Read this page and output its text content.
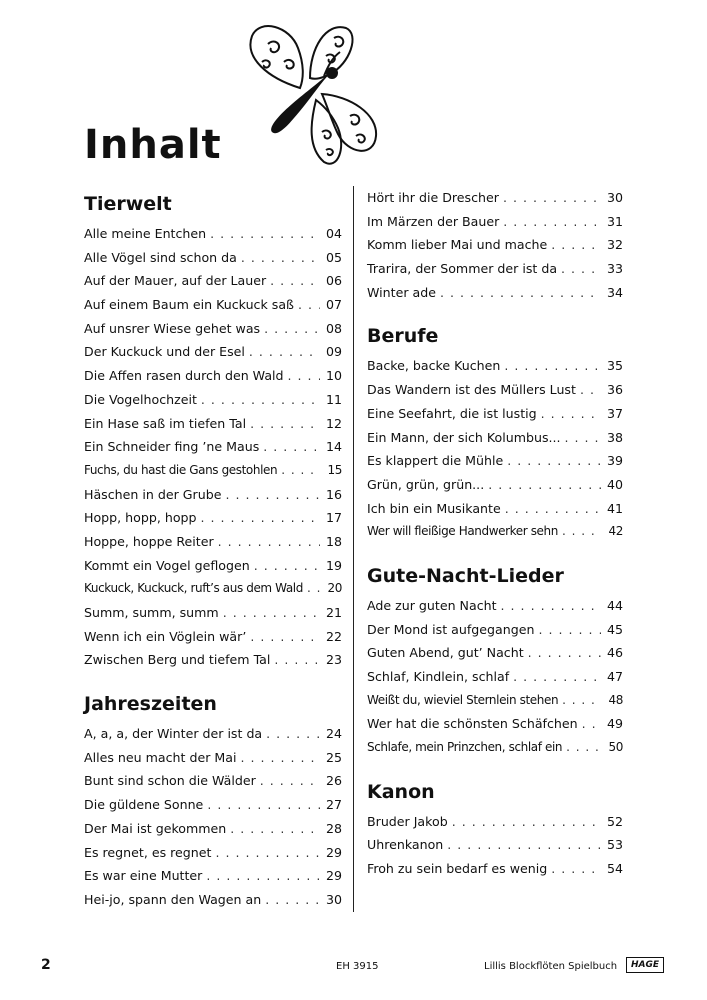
Inhalt
Tierwelt
Alle meine Entchen . . .	04
Alle Vögel sind schon da . . .	05
Auf der Mauer, auf der Lauer . . .	06
Auf einem Baum ein Kuckuck saß . . .	07
Auf unsrer Wiese gehet was . . .	08
Der Kuckuck und der Esel . . .	09
Die Affen rasen durch den Wald . . .	10
Die Vogelhochzeit . . .	11
Ein Hase saß im tiefen Tal . . .	12
Ein Schneider fing ’ne Maus . . .	14
Fuchs, du hast die Gans gestohlen . . .	15
Häschen in der Grube . . .	16
Hopp, hopp, hopp . . .	17
Hoppe, hoppe Reiter . . .	18
Kommt ein Vogel geflogen . . .	19
Kuckuck, Kuckuck, ruft’s aus dem Wald . . . 20
Summ, summ, summ . . .	21
Wenn ich ein Vöglein wär’ . . .	22
Zwischen Berg und tiefem Tal . . .	23
Jahreszeiten
A, a, a, der Winter der ist da . . .	24
Alles neu macht der Mai . . .	25
Bunt sind schon die Wälder . . .	26
Die güldene Sonne . . .	27
Der Mai ist gekommen . . .	28
Es regnet, es regnet . . .	29
Es war eine Mutter . . .	29
Hei-jo, spann den Wagen an . . .	30
Hört ihr die Drescher . . .	30
Im Märzen der Bauer . . .	31
Komm lieber Mai und mache . . .	32
Trarira, der Sommer der ist da . . .	33
Winter ade . . .	34
Berufe
Backe, backe Kuchen . . .	35
Das Wandern ist des Müllers Lust . . . 36
Eine Seefahrt, die ist lustig . . .	37
Ein Mann, der sich Kolumbus... . . .	38
Es klappert die Mühle . . .	39
Grün, grün, grün... . . .	40
Ich bin ein Musikante . . .	41
Wer will fleißige Handwerker sehn . . .	42
Gute-Nacht-Lieder
Ade zur guten Nacht . . .	44
Der Mond ist aufgegangen . . .	45
Guten Abend, gut’ Nacht . . .	46
Schlaf, Kindlein, schlaf . . .	47
Weißt du, wieviel Sternlein stehen . . .	48
Wer hat die schönsten Schäfchen . . . 49
Schlafe, mein Prinzchen, schlaf ein . . .	50
Kanon
Bruder Jakob . . .	52
Uhrenkanon . . .	53
Froh zu sein bedarf es wenig . . .	54
2	EH 3915	Lillis Blockflöten Spielbuch	HAGE
